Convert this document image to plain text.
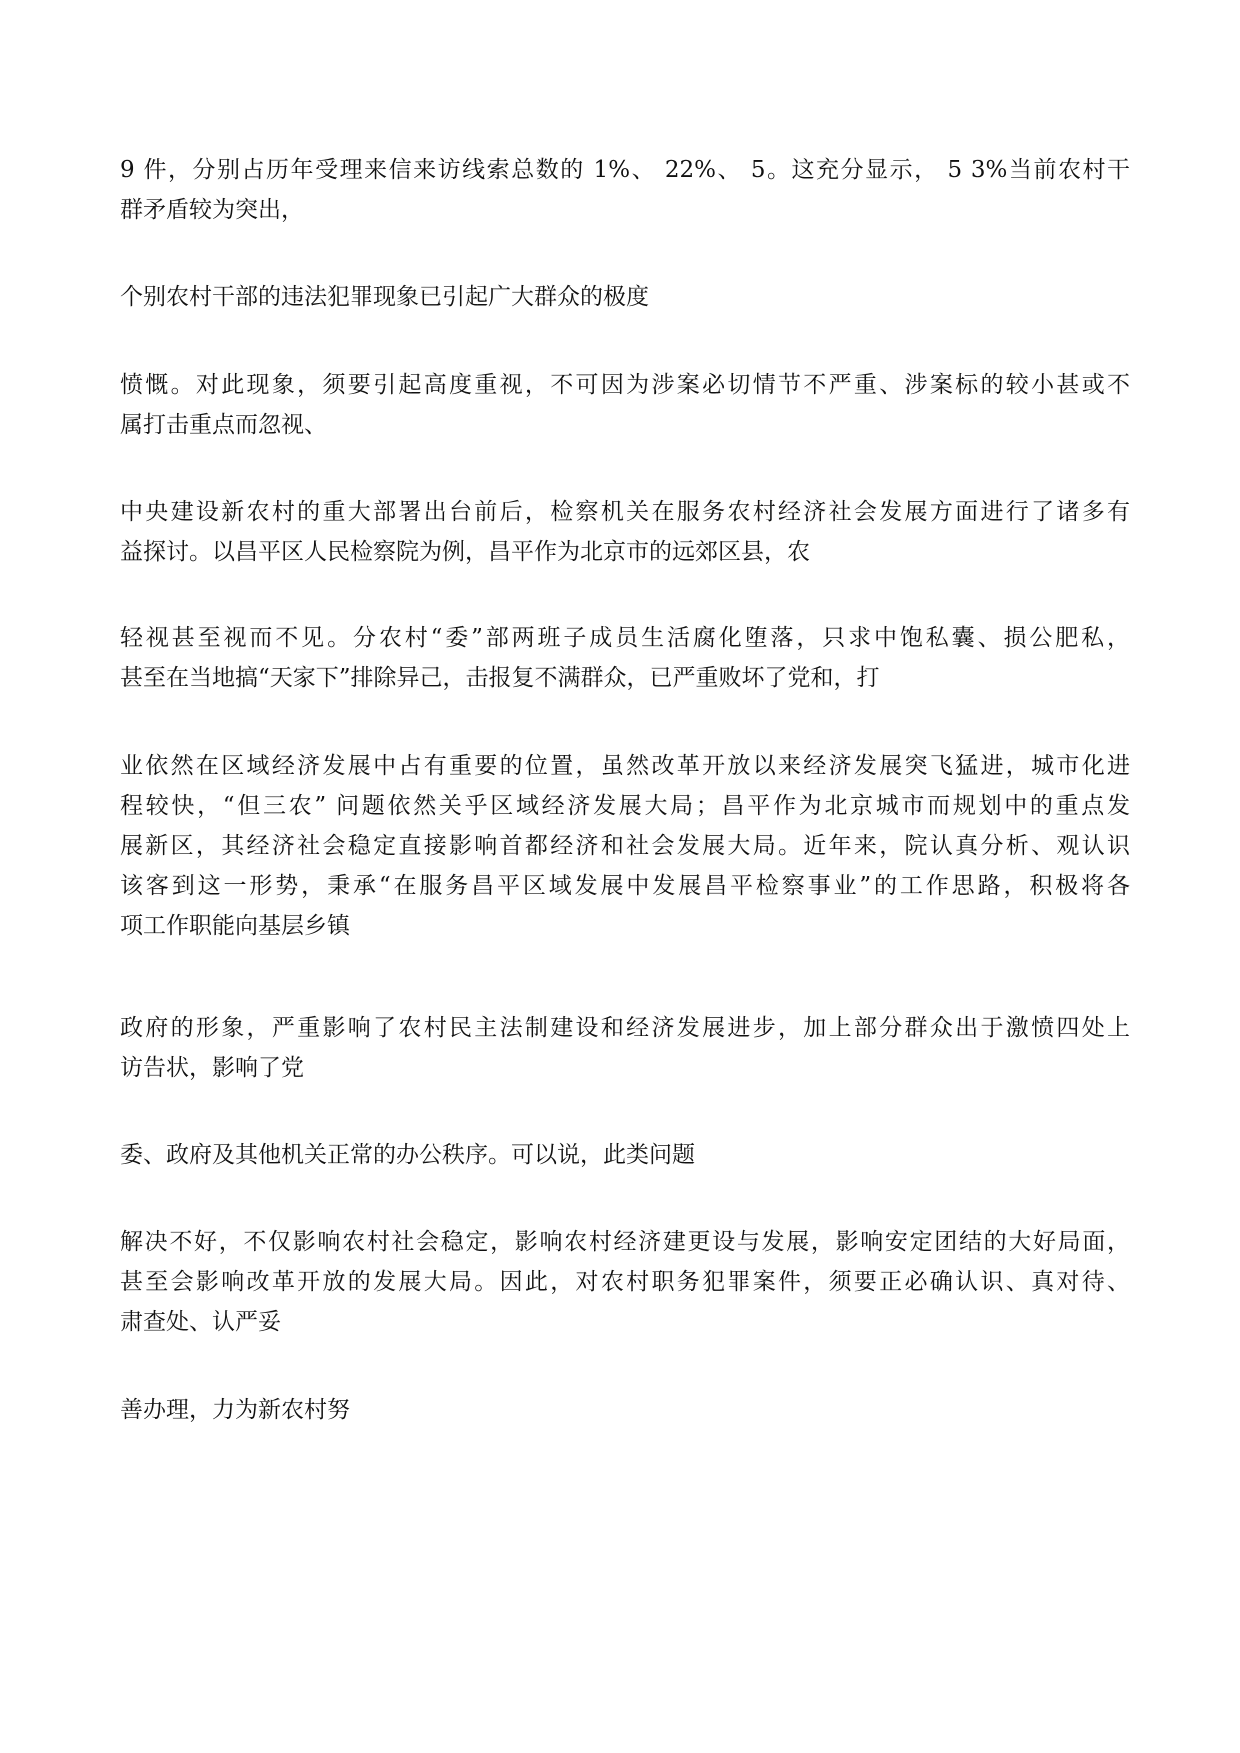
9 件，分别占历年受理来信来访线索总数的 1%、 22%、 5。这充分显示， 5 3%当前农村干
群矛盾较为突出，

个别农村干部的违法犯罪现象已引起广大群众的极度

愤慨。对此现象，须要引起高度重视，不可因为涉案必切情节不严重、涉案标的较小甚或不
属打击重点而忽视、

中央建设新农村的重大部署出台前后，检察机关在服务农村经济社会发展方面进行了诸多有
益探讨。以昌平区人民检察院为例，昌平作为北京市的远郊区县，农

轻视甚至视而不见。分农村“委”部两班子成员生活腐化堕落，只求中饱私囊、损公肥私，
甚至在当地搞“天家下”排除异己，击报复不满群众，已严重败坏了党和，打

业依然在区域经济发展中占有重要的位置，虽然改革开放以来经济发展突飞猛进，城市化进
程较快，“但三农” 问题依然关乎区域经济发展大局；昌平作为北京城市而规划中的重点发
展新区，其经济社会稳定直接影响首都经济和社会发展大局。近年来，院认真分析、观认识
该客到这一形势，秉承“在服务昌平区域发展中发展昌平检察事业”的工作思路，积极将各
项工作职能向基层乡镇

政府的形象，严重影响了农村民主法制建设和经济发展进步，加上部分群众出于激愤四处上
访告状，影响了党

委、政府及其他机关正常的办公秩序。可以说，此类问题

解决不好，不仅影响农村社会稳定，影响农村经济建更设与发展，影响安定团结的大好局面，
甚至会影响改革开放的发展大局。因此，对农村职务犯罪案件，须要正必确认识、真对待、
肃查处、认严妥

善办理，力为新农村努
